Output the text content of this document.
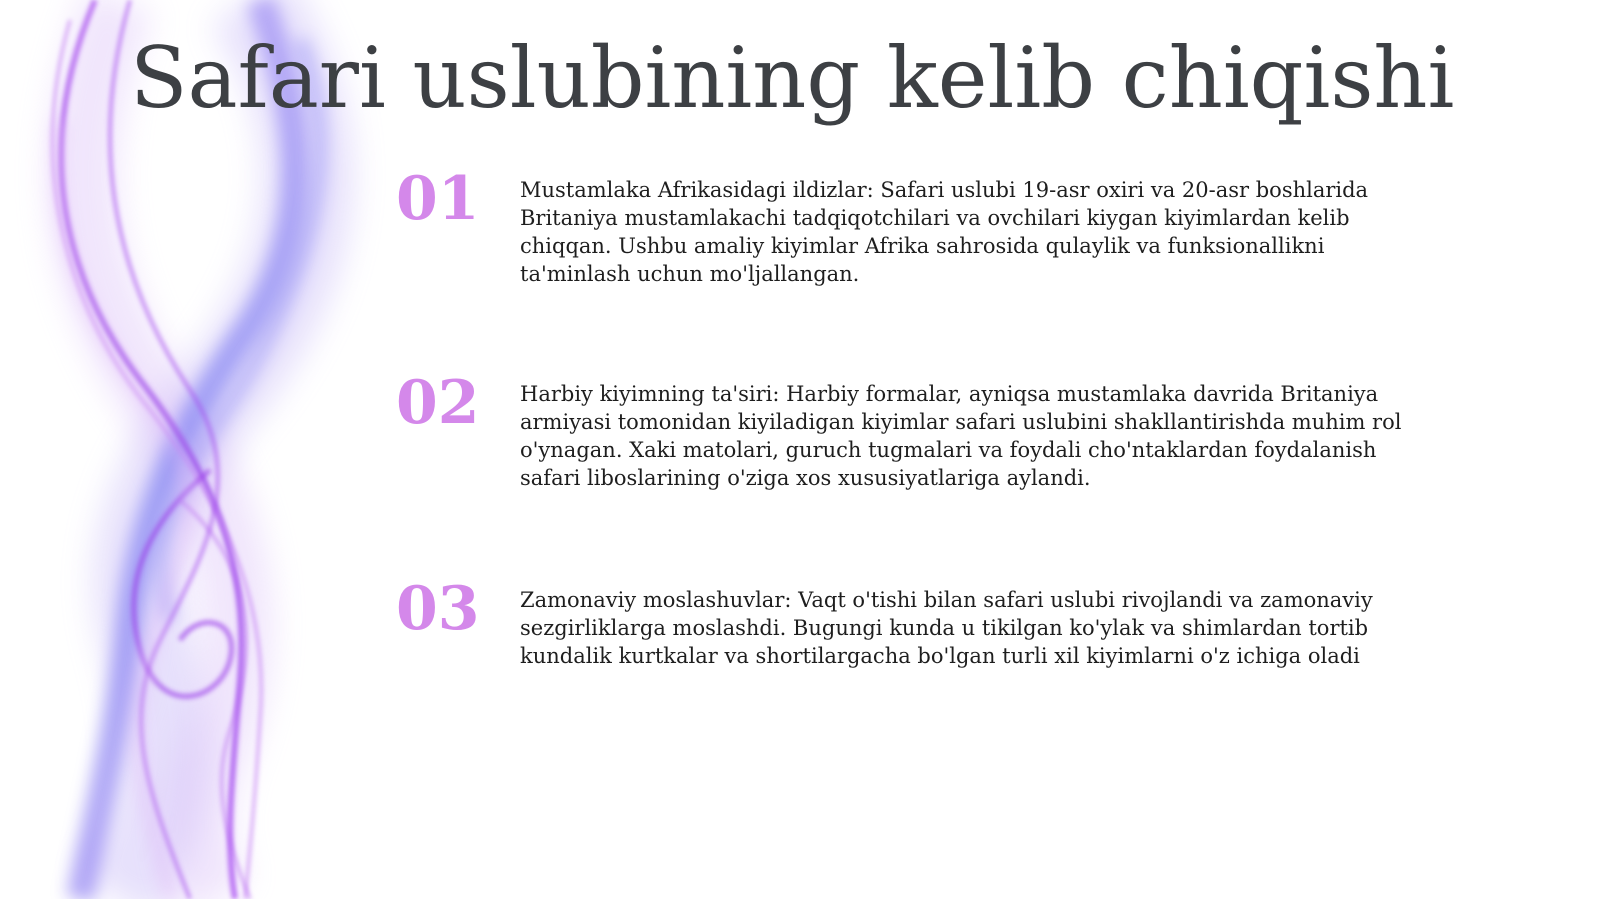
Safari uslubining kelib chiqishi
01	Mustamlaka Afrikasidagi ildizlar: Safari uslubi 19-asr oxiri va 20-asr boshlarida Britaniya mustamlakachi tadqiqotchilari va ovchilari kiygan kiyimlardan kelib chiqqan. Ushbu amaliy kiyimlar Afrika sahrosida qulaylik va funksionallikni ta'minlash uchun mo'ljallangan.

02	Harbiy kiyimning ta'siri: Harbiy formalar, ayniqsa mustamlaka davrida Britaniya armiyasi tomonidan kiyiladigan kiyimlar safari uslubini shakllantirishda muhim rol o'ynagan. Xaki matolari, guruch tugmalari va foydali cho'ntaklardan foydalanish safari liboslarining o'ziga xos xususiyatlariga aylandi.

03	Zamonaviy moslashuvlar: Vaqt o'tishi bilan safari uslubi rivojlandi va zamonaviy sezgirliklarga moslashdi. Bugungi kunda u tikilgan ko'ylak va shimlardan tortib kundalik kurtkalar va shortilargacha bo'lgan turli xil kiyimlarni o'z ichiga oladi
